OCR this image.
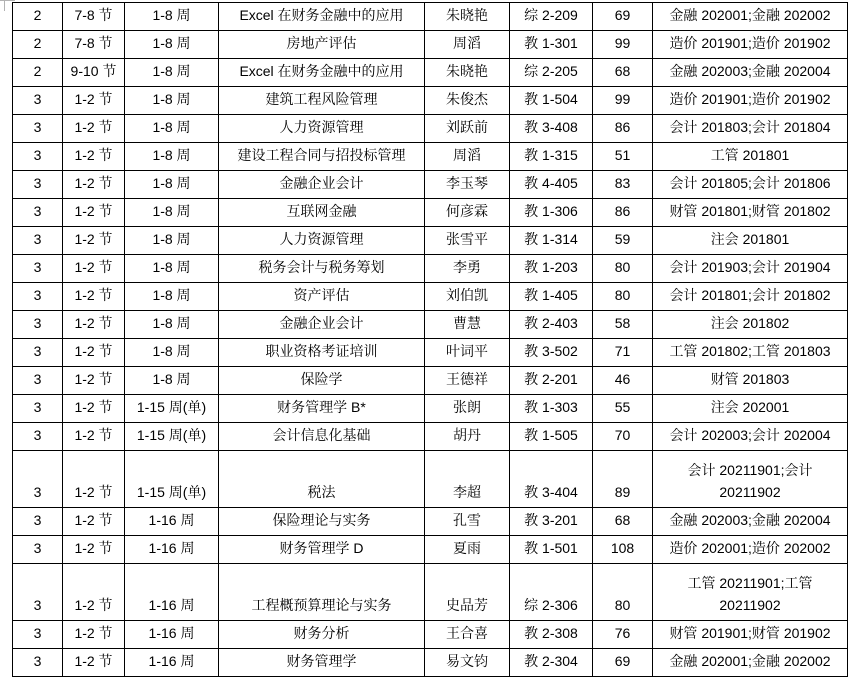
2	7-8 节	1-8 周	Excel 在财务金融中的应用	朱晓艳	综 2-209	69	金融 202001;金融 202002
2	7-8 节	1-8 周	房地产评估	周滔	教 1-301	99	造价 201901;造价 201902
2	9-10 节	1-8 周	Excel 在财务金融中的应用	朱晓艳	综 2-205	68	金融 202003;金融 202004
3	1-2 节	1-8 周	建筑工程风险管理	朱俊杰	教 1-504	99	造价 201901;造价 201902
3	1-2 节	1-8 周	人力资源管理	刘跃前	教 3-408	86	会计 201803;会计 201804
3	1-2 节	1-8 周	建设工程合同与招投标管理	周滔	教 1-315	51	工管 201801
3	1-2 节	1-8 周	金融企业会计	李玉琴	教 4-405	83	会计 201805;会计 201806
3	1-2 节	1-8 周	互联网金融	何彦霖	教 1-306	86	财管 201801;财管 201802
3	1-2 节	1-8 周	人力资源管理	张雪平	教 1-314	59	注会 201801
3	1-2 节	1-8 周	税务会计与税务筹划	李勇	教 1-203	80	会计 201903;会计 201904
3	1-2 节	1-8 周	资产评估	刘伯凯	教 1-405	80	会计 201801;会计 201802
3	1-2 节	1-8 周	金融企业会计	曹慧	教 2-403	58	注会 201802
3	1-2 节	1-8 周	职业资格考证培训	叶词平	教 3-502	71	工管 201802;工管 201803
3	1-2 节	1-8 周	保险学	王德祥	教 2-201	46	财管 201803
3	1-2 节	1-15 周(单)	财务管理学 B*	张朗	教 1-303	55	注会 202001
3	1-2 节	1-15 周(单)	会计信息化基础	胡丹	教 1-505	70	会计 202003;会计 202004
3	1-2 节	1-15 周(单)	税法	李超	教 3-404	89	会计 20211901;会计 20211902
3	1-2 节	1-16 周	保险理论与实务	孔雪	教 3-201	68	金融 202003;金融 202004
3	1-2 节	1-16 周	财务管理学 D	夏雨	教 1-501	108	造价 202001;造价 202002
3	1-2 节	1-16 周	工程概预算理论与实务	史品芳	综 2-306	80	工管 20211901;工管 20211902
3	1-2 节	1-16 周	财务分析	王合喜	教 2-308	76	财管 201901;财管 201902
3	1-2 节	1-16 周	财务管理学	易文钧	教 2-304	69	金融 202001;金融 202002
